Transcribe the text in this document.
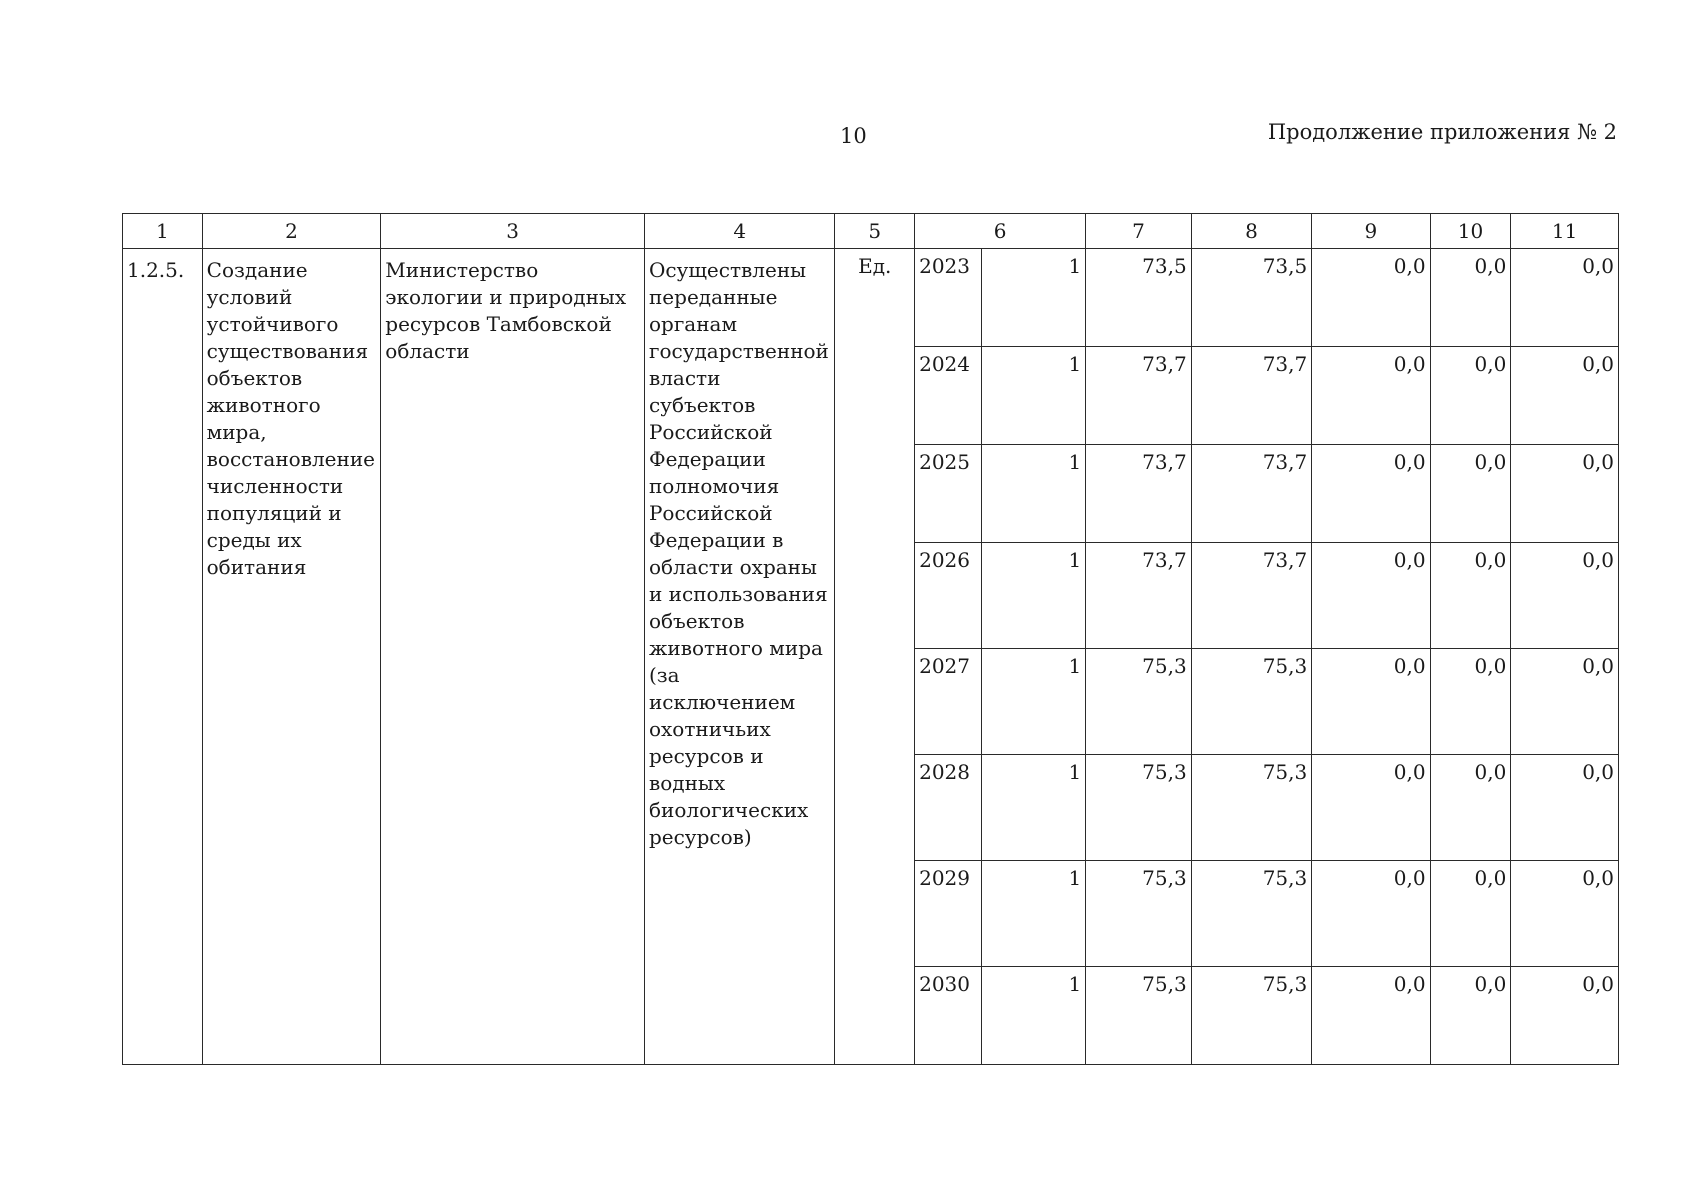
10	Продолжение приложения № 2
1	2	3	4	5	6		7	8	9	10	11
1.2.5.	Создание условий устойчивого существования объектов животного мира, восстановление численности популяций и среды их обитания	Министерство экологии и природных ресурсов Тамбовской области	Осуществлены переданные органам государственной власти субъектов Российской Федерации полномочия Российской Федерации в области охраны и использования объектов животного мира (за исключением охотничьих ресурсов и водных биологических ресурсов)	Ед.	2023	1	73,5	73,5	0,0	0,0	0,0
					2024	1	73,7	73,7	0,0	0,0	0,0
					2025	1	73,7	73,7	0,0	0,0	0,0
					2026	1	73,7	73,7	0,0	0,0	0,0
					2027	1	75,3	75,3	0,0	0,0	0,0
					2028	1	75,3	75,3	0,0	0,0	0,0
					2029	1	75,3	75,3	0,0	0,0	0,0
					2030	1	75,3	75,3	0,0	0,0	0,0
